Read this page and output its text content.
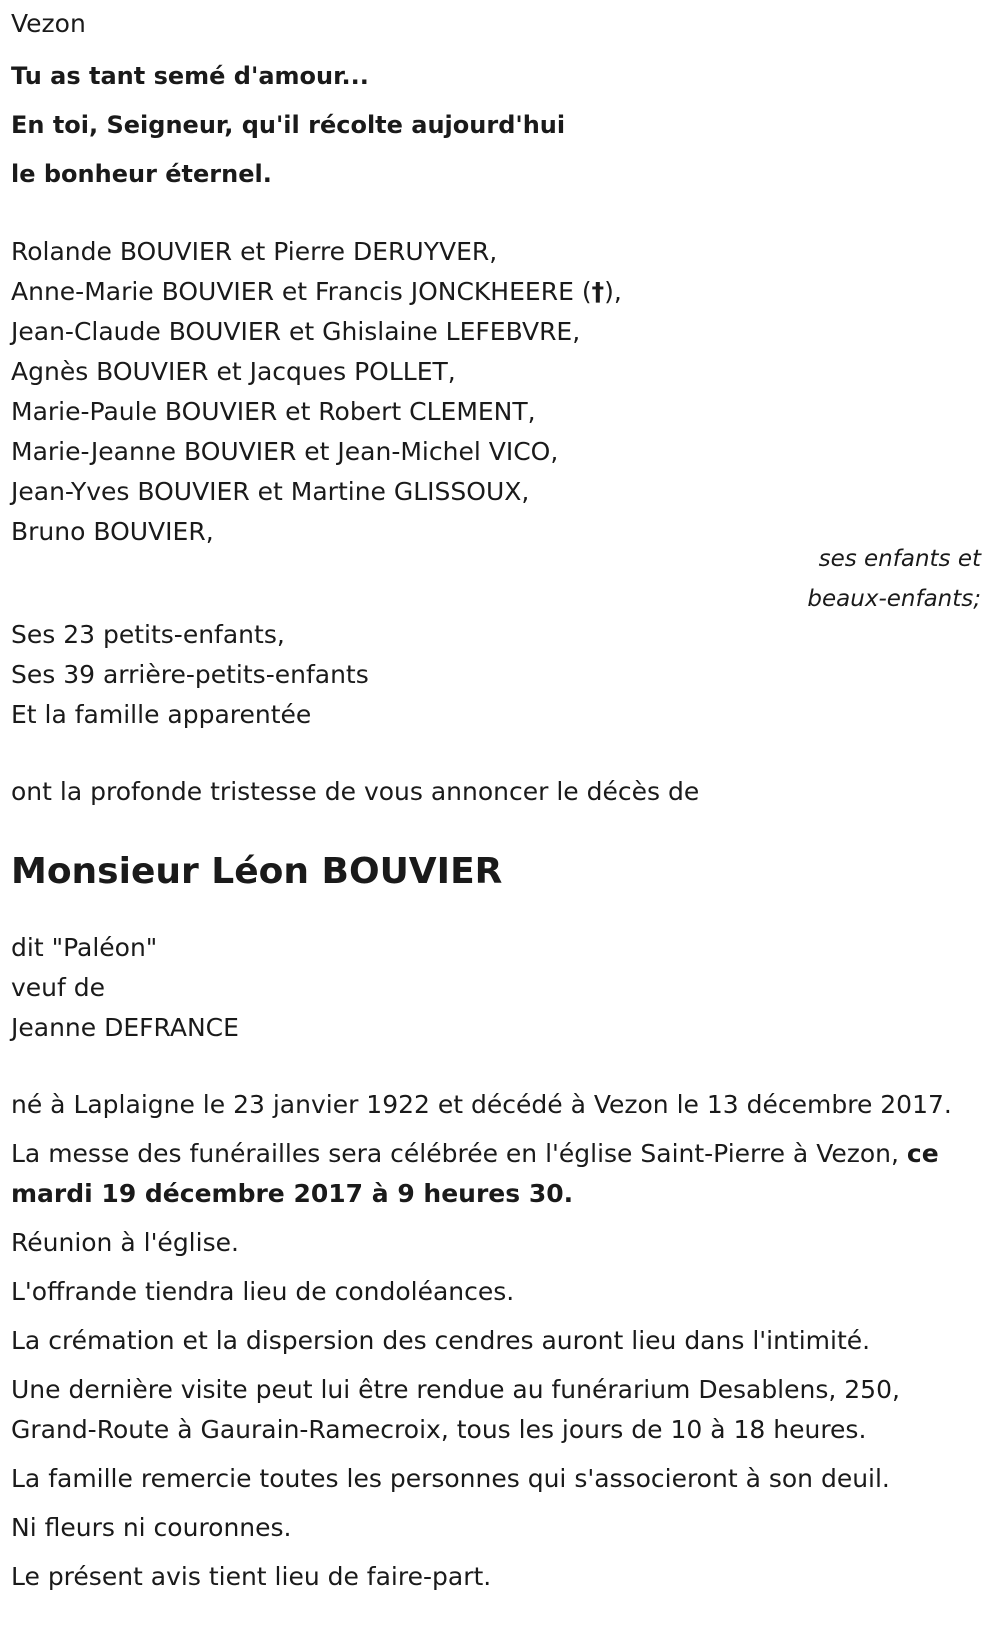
Vezon
Tu as tant semé d'amour...
En toi, Seigneur, qu'il récolte aujourd'hui
le bonheur éternel.
Rolande BOUVIER et Pierre DERUYVER,
Anne-Marie BOUVIER et Francis JONCKHEERE (†),
Jean-Claude BOUVIER et Ghislaine LEFEBVRE,
Agnès BOUVIER et Jacques POLLET,
Marie-Paule BOUVIER et Robert CLEMENT,
Marie-Jeanne BOUVIER et Jean-Michel VICO,
Jean-Yves BOUVIER et Martine GLISSOUX,
Bruno BOUVIER,
ses enfants et
beaux-enfants;
Ses 23 petits-enfants,
Ses 39 arrière-petits-enfants
Et la famille apparentée
ont la profonde tristesse de vous annoncer le décès de
Monsieur Léon BOUVIER
dit "Paléon"
veuf de
Jeanne DEFRANCE
né à Laplaigne le 23 janvier 1922 et décédé à Vezon le 13 décembre 2017.
La messe des funérailles sera célébrée en l'église Saint-Pierre à Vezon, ce mardi 19 décembre 2017 à 9 heures 30.
Réunion à l'église.
L'offrande tiendra lieu de condoléances.
La crémation et la dispersion des cendres auront lieu dans l'intimité.
Une dernière visite peut lui être rendue au funérarium Desablens, 250, Grand-Route à Gaurain-Ramecroix, tous les jours de 10 à 18 heures.
La famille remercie toutes les personnes qui s'associeront à son deuil.
Ni fleurs ni couronnes.
Le présent avis tient lieu de faire-part.
